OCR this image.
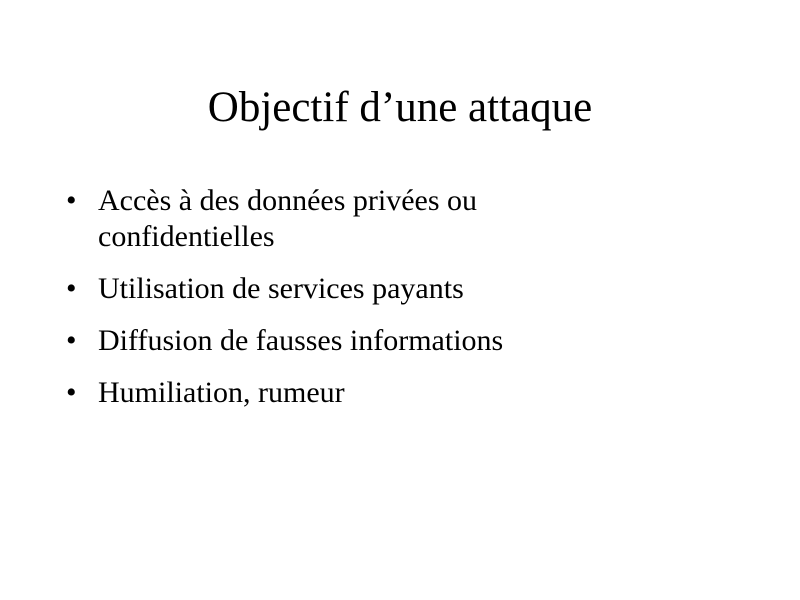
Objectif d’une attaque
• Accès à des données privées ou confidentielles
• Utilisation de services payants
• Diffusion de fausses informations
• Humiliation, rumeur
